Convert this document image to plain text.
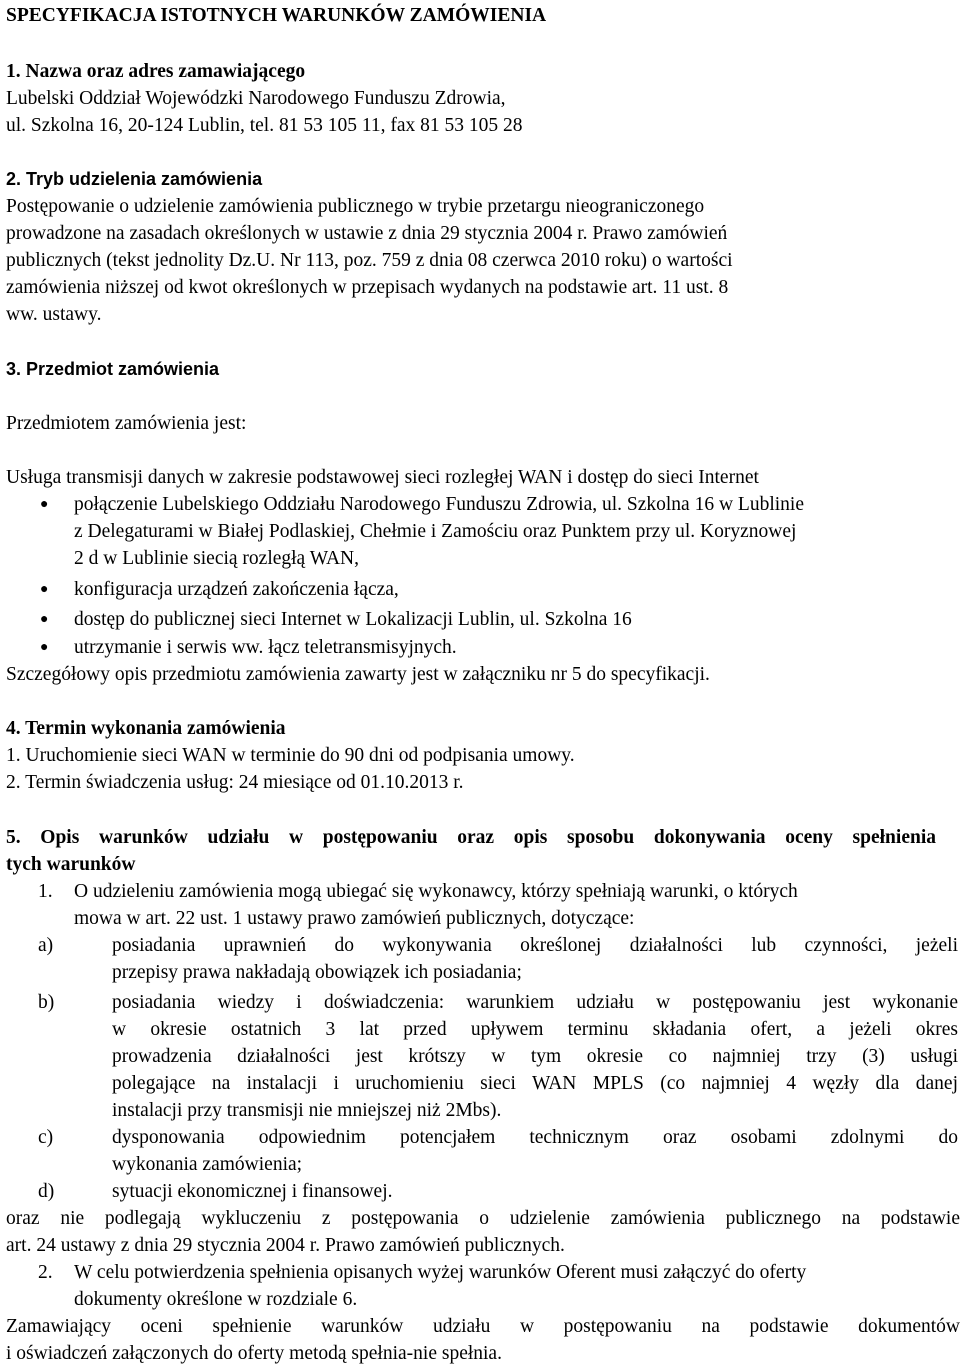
SPECYFIKACJA ISTOTNYCH WARUNKÓW ZAMÓWIENIA
1. Nazwa oraz adres zamawiającego
Lubelski Oddział Wojewódzki Narodowego Funduszu Zdrowia,
ul. Szkolna 16, 20-124 Lublin, tel. 81 53 105 11, fax 81 53 105 28
2. Tryb udzielenia zamówienia
Postępowanie o udzielenie zamówienia publicznego w trybie przetargu nieograniczonego
prowadzone na zasadach określonych w ustawie z dnia 29 stycznia 2004 r. Prawo zamówień
publicznych (tekst jednolity Dz.U. Nr 113, poz. 759 z dnia 08 czerwca 2010 roku) o wartości
zamówienia niższej od kwot określonych w przepisach wydanych na podstawie art. 11 ust. 8
ww. ustawy.
3. Przedmiot zamówienia
Przedmiotem zamówienia jest:
Usługa transmisji danych w zakresie podstawowej sieci rozległej WAN i dostęp do sieci Internet
● połączenie Lubelskiego Oddziału Narodowego Funduszu Zdrowia, ul. Szkolna 16 w Lublinie
z Delegaturami w Białej Podlaskiej, Chełmie i Zamościu oraz Punktem przy ul. Koryznowej
2 d w Lublinie siecią rozległą WAN,
● konfiguracja urządzeń zakończenia łącza,
● dostęp do publicznej sieci Internet w Lokalizacji Lublin, ul. Szkolna 16
● utrzymanie i serwis ww. łącz teletransmisyjnych.
Szczegółowy opis przedmiotu zamówienia zawarty jest w załączniku nr 5 do specyfikacji.
4. Termin wykonania zamówienia
1. Uruchomienie sieci WAN w terminie do 90 dni od podpisania umowy.
2. Termin świadczenia usług: 24 miesiące od 01.10.2013 r.
5. Opis warunków udziału w postępowaniu oraz opis sposobu dokonywania oceny spełnienia
tych warunków
1. O udzieleniu zamówienia mogą ubiegać się wykonawcy, którzy spełniają warunki, o których
mowa w art. 22 ust. 1 ustawy prawo zamówień publicznych, dotyczące:
a)	posiadania uprawnień do wykonywania określonej działalności lub czynności, jeżeli
przepisy prawa nakładają obowiązek ich posiadania;
b)	posiadania wiedzy i doświadczenia: warunkiem udziału w postępowaniu jest wykonanie
w okresie ostatnich 3 lat przed upływem terminu składania ofert, a jeżeli okres
prowadzenia działalności jest krótszy w tym okresie co najmniej trzy (3) usługi
polegające na instalacji i uruchomieniu sieci WAN MPLS (co najmniej 4 węzły dla danej
instalacji przy transmisji nie mniejszej niż 2Mbs).
c)	dysponowania odpowiednim potencjałem technicznym oraz osobami zdolnymi do
wykonania zamówienia;
d)	sytuacji ekonomicznej i finansowej.
oraz nie podlegają wykluczeniu z postępowania o udzielenie zamówienia publicznego na podstawie
art. 24 ustawy z dnia 29 stycznia 2004 r. Prawo zamówień publicznych.
2. W celu potwierdzenia spełnienia opisanych wyżej warunków Oferent musi załączyć do oferty
dokumenty określone w rozdziale 6.
Zamawiający oceni spełnienie warunków udziału w postępowaniu na podstawie dokumentów
i oświadczeń załączonych do oferty metodą spełnia-nie spełnia.
